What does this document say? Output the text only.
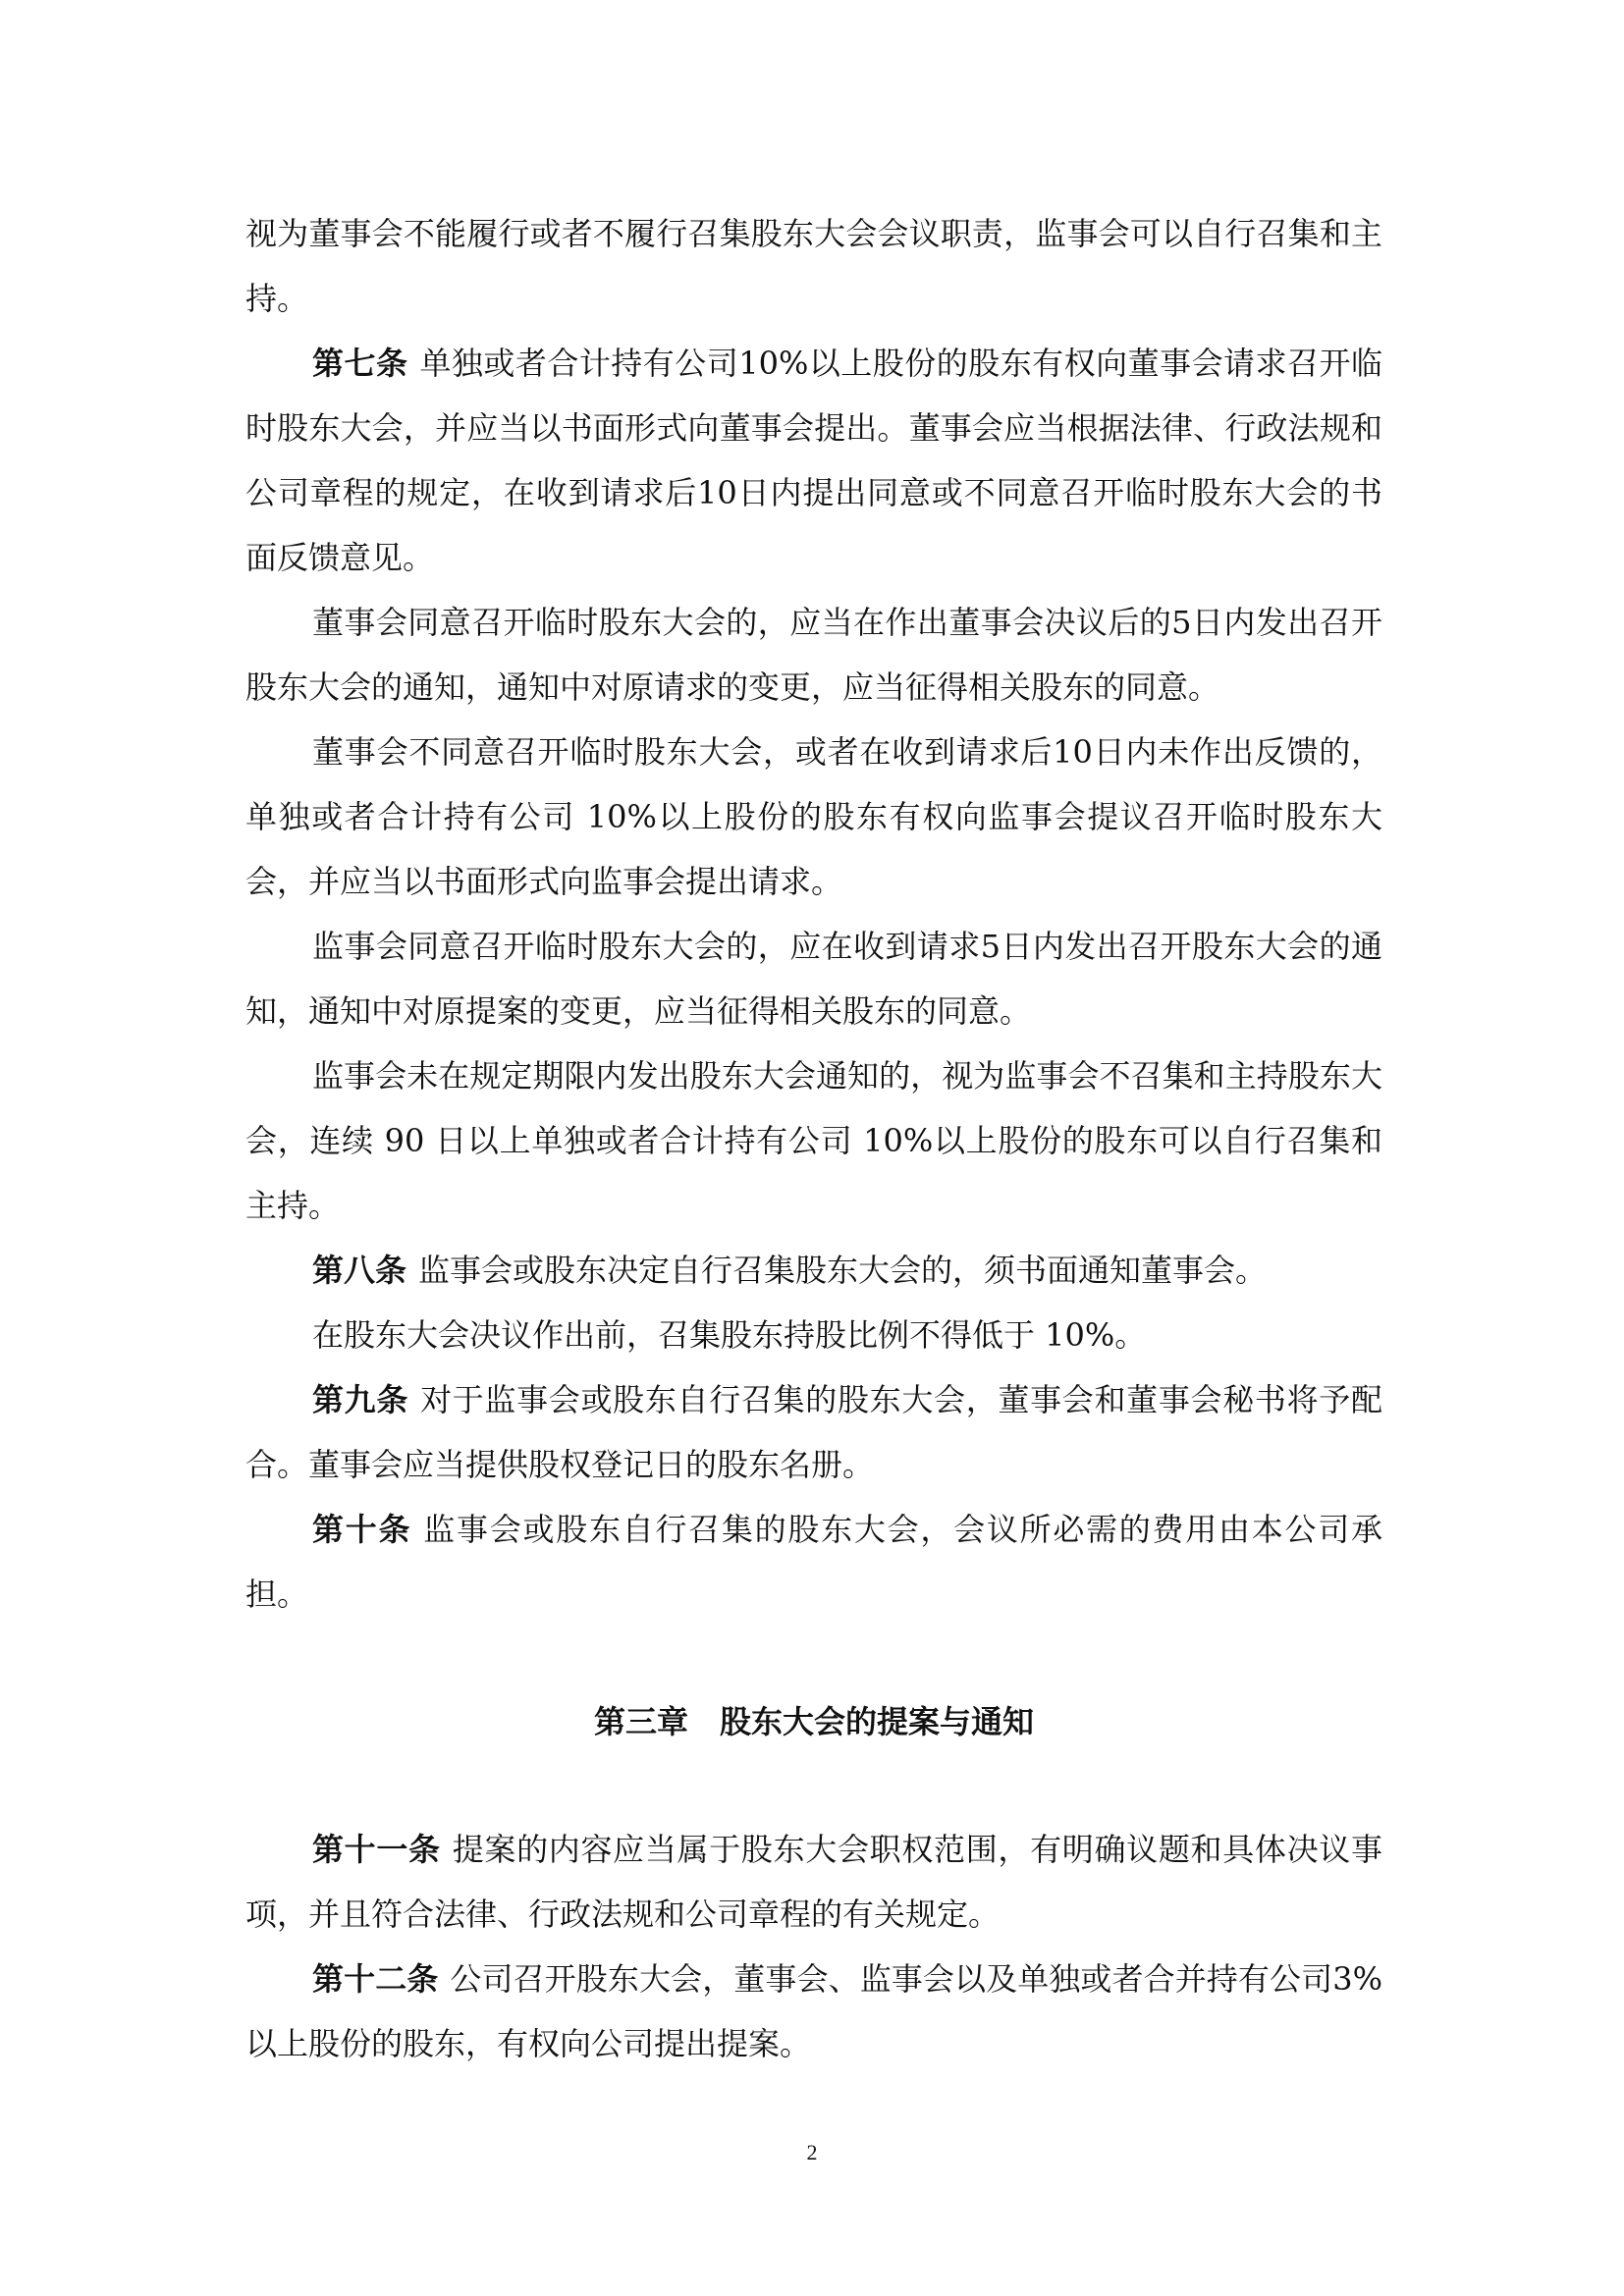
视为董事会不能履行或者不履行召集股东大会会议职责，监事会可以自行召集和主持。

第七条 单独或者合计持有公司10%以上股份的股东有权向董事会请求召开临时股东大会，并应当以书面形式向董事会提出。董事会应当根据法律、行政法规和公司章程的规定，在收到请求后10日内提出同意或不同意召开临时股东大会的书面反馈意见。

董事会同意召开临时股东大会的，应当在作出董事会决议后的5日内发出召开股东大会的通知，通知中对原请求的变更，应当征得相关股东的同意。

董事会不同意召开临时股东大会，或者在收到请求后10日内未作出反馈的，单独或者合计持有公司 10%以上股份的股东有权向监事会提议召开临时股东大会，并应当以书面形式向监事会提出请求。

监事会同意召开临时股东大会的，应在收到请求5日内发出召开股东大会的通知，通知中对原提案的变更，应当征得相关股东的同意。

监事会未在规定期限内发出股东大会通知的，视为监事会不召集和主持股东大会，连续 90 日以上单独或者合计持有公司 10%以上股份的股东可以自行召集和主持。

第八条 监事会或股东决定自行召集股东大会的，须书面通知董事会。

在股东大会决议作出前，召集股东持股比例不得低于 10%。

第九条 对于监事会或股东自行召集的股东大会，董事会和董事会秘书将予配合。董事会应当提供股权登记日的股东名册。

第十条 监事会或股东自行召集的股东大会，会议所必需的费用由本公司承担。

第三章　股东大会的提案与通知

第十一条 提案的内容应当属于股东大会职权范围，有明确议题和具体决议事项，并且符合法律、行政法规和公司章程的有关规定。

第十二条 公司召开股东大会，董事会、监事会以及单独或者合并持有公司3%以上股份的股东，有权向公司提出提案。

2
